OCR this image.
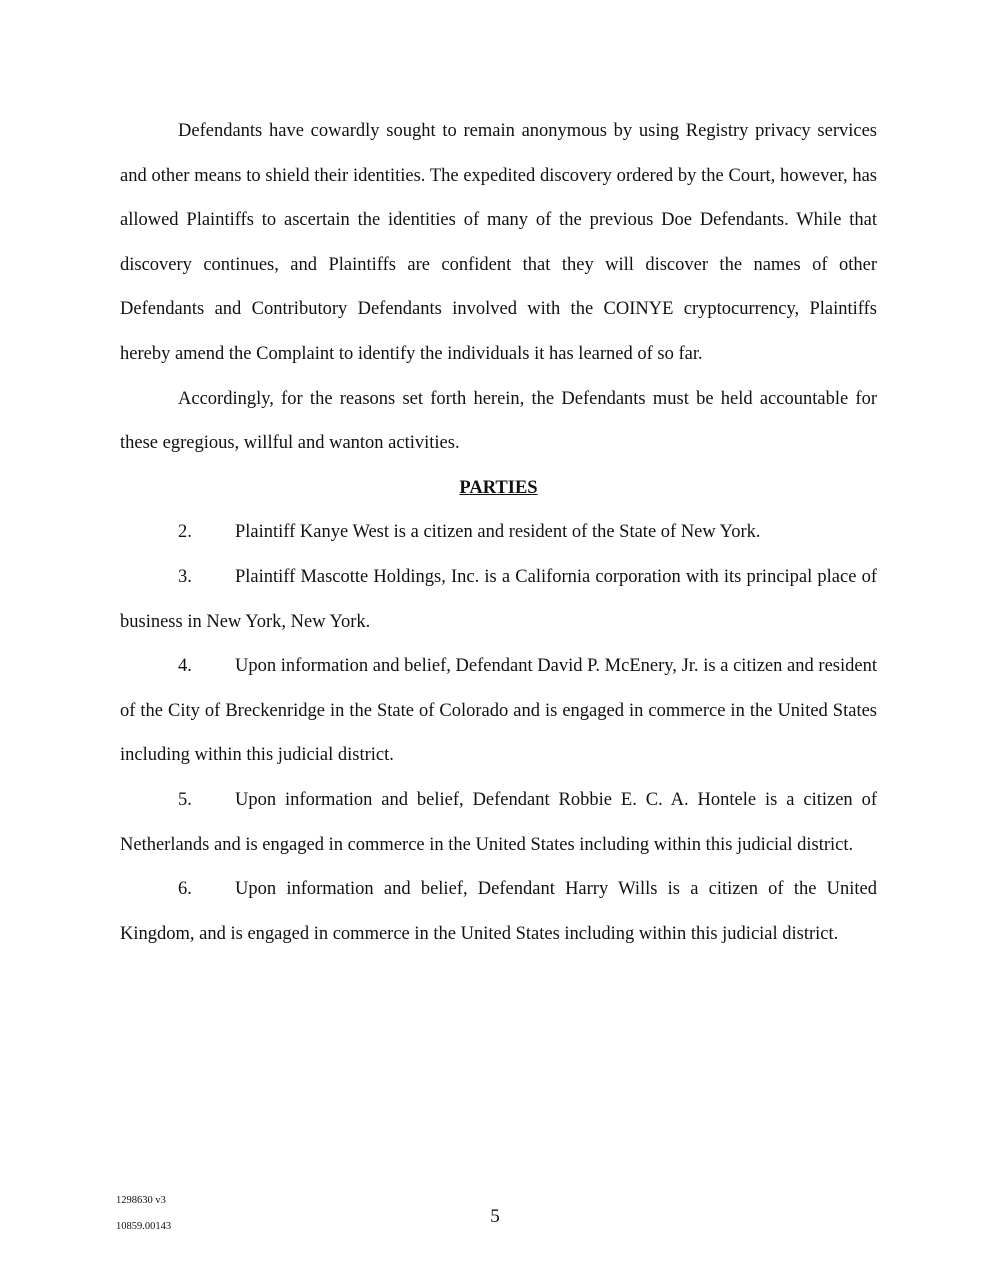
Defendants have cowardly sought to remain anonymous by using Registry privacy services and other means to shield their identities. The expedited discovery ordered by the Court, however, has allowed Plaintiffs to ascertain the identities of many of the previous Doe Defendants. While that discovery continues, and Plaintiffs are confident that they will discover the names of other Defendants and Contributory Defendants involved with the COINYE cryptocurrency, Plaintiffs hereby amend the Complaint to identify the individuals it has learned of so far.

Accordingly, for the reasons set forth herein, the Defendants must be held accountable for these egregious, willful and wanton activities.

PARTIES

2. Plaintiff Kanye West is a citizen and resident of the State of New York.

3. Plaintiff Mascotte Holdings, Inc. is a California corporation with its principal place of business in New York, New York.

4. Upon information and belief, Defendant David P. McEnery, Jr. is a citizen and resident of the City of Breckenridge in the State of Colorado and is engaged in commerce in the United States including within this judicial district.

5. Upon information and belief, Defendant Robbie E. C. A. Hontele is a citizen of Netherlands and is engaged in commerce in the United States including within this judicial district.

6. Upon information and belief, Defendant Harry Wills is a citizen of the United Kingdom, and is engaged in commerce in the United States including within this judicial district.

1298630 v3
10859.00143	5
